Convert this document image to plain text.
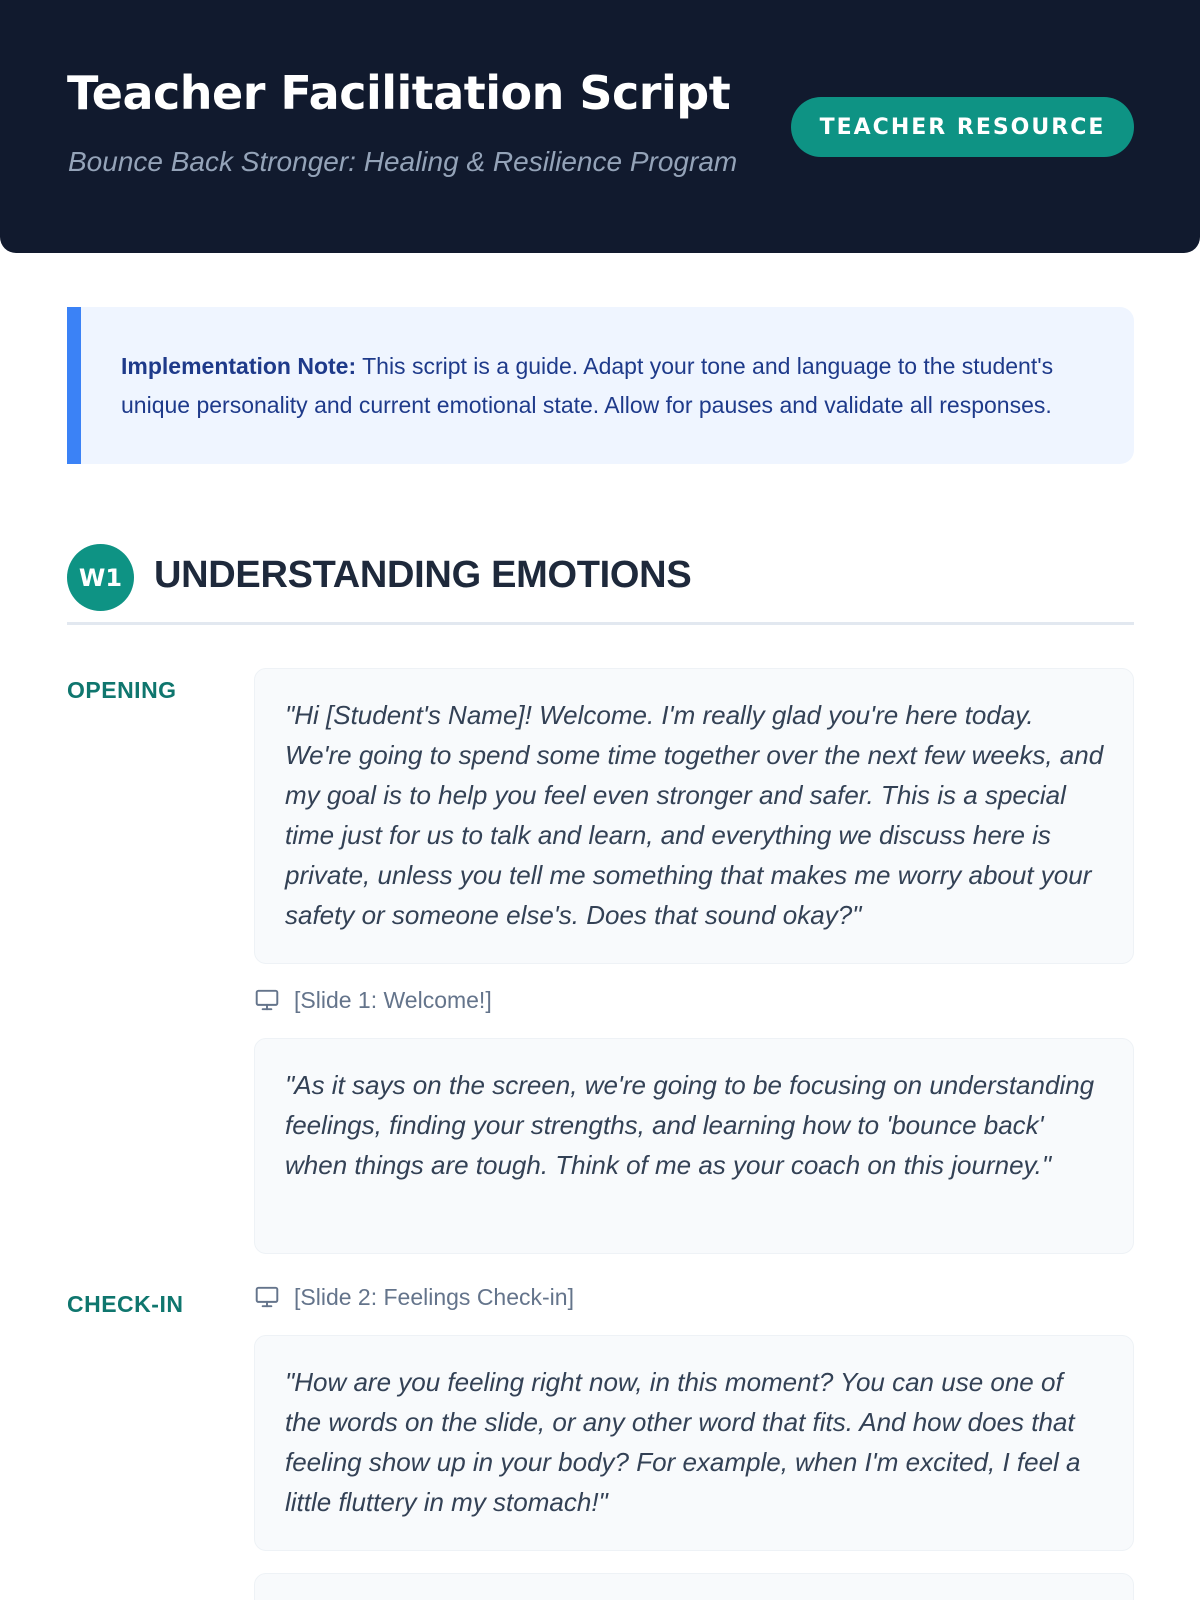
Teacher Facilitation Script
Bounce Back Stronger: Healing & Resilience Program
TEACHER RESOURCE
Implementation Note: This script is a guide. Adapt your tone and language to the student's unique personality and current emotional state. Allow for pauses and validate all responses.
W1 UNDERSTANDING EMOTIONS
OPENING
"Hi [Student's Name]! Welcome. I'm really glad you're here today. We're going to spend some time together over the next few weeks, and my goal is to help you feel even stronger and safer. This is a special time just for us to talk and learn, and everything we discuss here is private, unless you tell me something that makes me worry about your safety or someone else's. Does that sound okay?"
[Slide 1: Welcome!]
"As it says on the screen, we're going to be focusing on understanding feelings, finding your strengths, and learning how to 'bounce back' when things are tough. Think of me as your coach on this journey."
CHECK-IN	[Slide 2: Feelings Check-in]
"How are you feeling right now, in this moment? You can use one of the words on the slide, or any other word that fits. And how does that feeling show up in your body? For example, when I'm excited, I feel a little fluttery in my stomach!"
